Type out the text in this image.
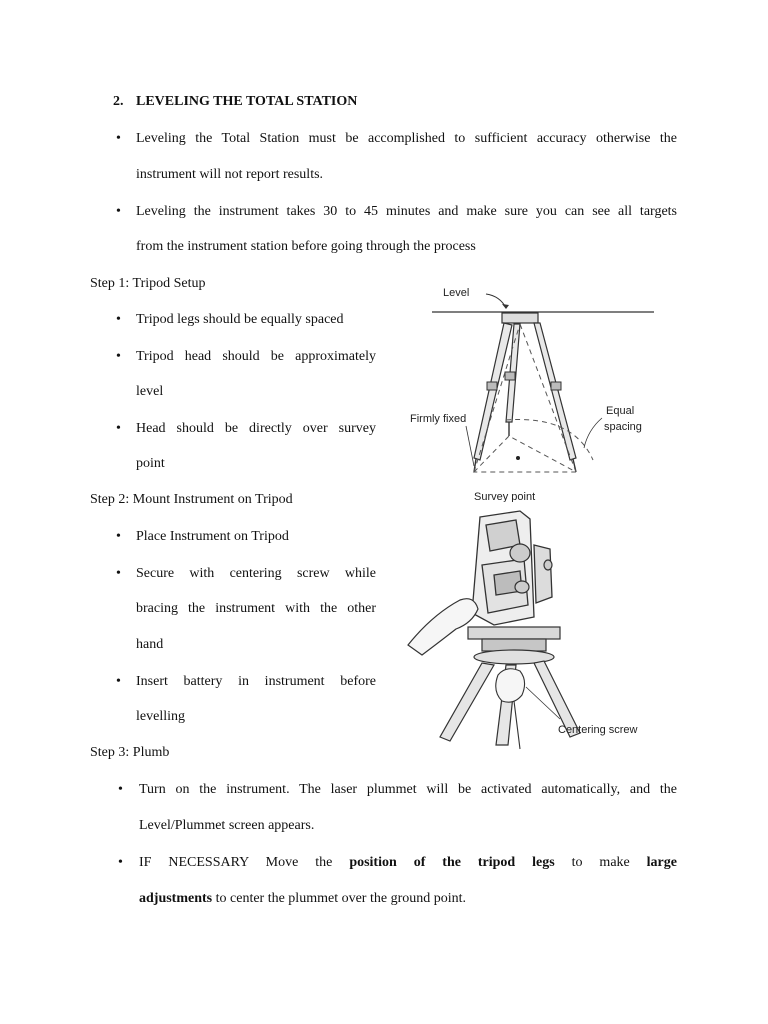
2. LEVELING THE TOTAL STATION
• Leveling the Total Station must be accomplished to sufficient accuracy otherwise the
instrument will not report results.
• Leveling the instrument takes 30 to 45 minutes and make sure you can see all targets
from the instrument station before going through the process
Step 1: Tripod Setup
• Tripod legs should be equally spaced
• Tripod head should be approximately
level
• Head should be directly over survey
point
Step 2: Mount Instrument on Tripod
• Place Instrument on Tripod
• Secure with centering screw while
bracing the instrument with the other
hand
• Insert battery in instrument before
levelling
Step 3: Plumb
• Turn on the instrument. The laser plummet will be activated automatically, and the
Level/Plummet screen appears.
• IF NECESSARY Move the position of the tripod legs to make large
adjustments to center the plummet over the ground point.
Level
Firmly fixed
Equal
spacing
Survey point
Centering screw
